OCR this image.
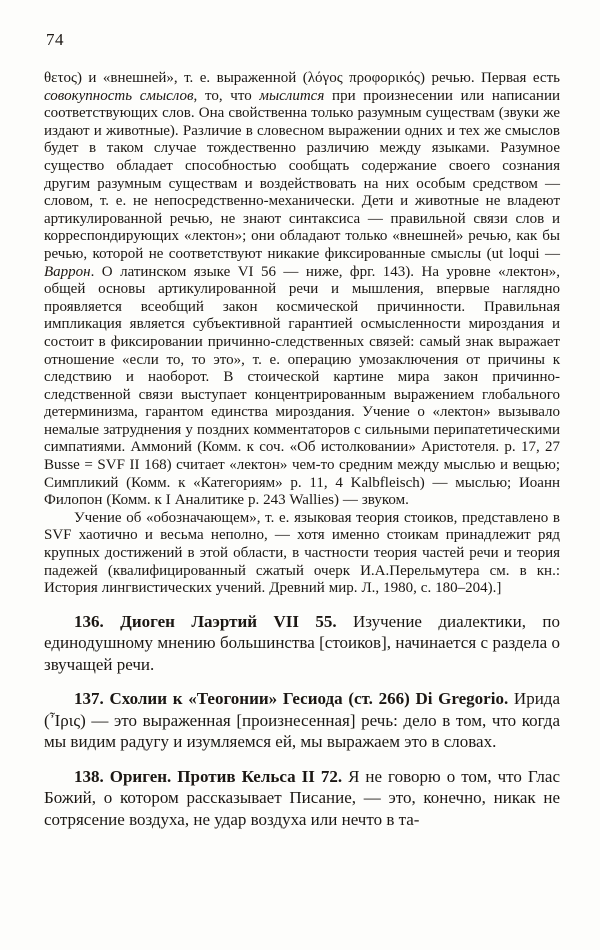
74

θετος) и «внешней», т. е. выраженной (λόγος προφορικός) речью. Первая есть совокупность смыслов, то, что мыслится при произнесении или написании соответствующих слов. Она свойственна только разумным существам (звуки же издают и животные). Различие в словесном выражении одних и тех же смыслов будет в таком случае тождественно различию между языками. Разумное существо обладает способностью сообщать содержание своего сознания другим разумным существам и воздействовать на них особым средством — словом, т. е. не непосредственно-механически. Дети и животные не владеют артикулированной речью, не знают синтаксиса — правильной связи слов и корреспондирующих «лектон»; они обладают только «внешней» речью, как бы речью, которой не соответствуют никакие фиксированные смыслы (ut loqui — Варрон. О латинском языке VI 56 — ниже, фрг. 143). На уровне «лектон», общей основы артикулированной речи и мышления, впервые наглядно проявляется всеобщий закон космической причинности. Правильная импликация является субъективной гарантией осмысленности мироздания и состоит в фиксировании причинно-следственных связей: самый знак выражает отношение «если то, то это», т. е. операцию умозаключения от причины к следствию и наоборот. В стоической картине мира закон причинно-следственной связи выступает концентрированным выражением глобального детерминизма, гарантом единства мироздания. Учение о «лектон» вызывало немалые затруднения у поздних комментаторов с сильными перипатетическими симпатиями. Аммоний (Комм. к соч. «Об истолковании» Аристотеля. p. 17, 27 Busse = SVF II 168) считает «лектон» чем-то средним между мыслью и вещью; Симпликий (Комм. к «Категориям» p. 11, 4 Kalbfleisch) — мыслью; Иоанн Филопон (Комм. к I Аналитике p. 243 Wallies) — звуком.

Учение об «обозначающем», т. е. языковая теория стоиков, представлено в SVF хаотично и весьма неполно, — хотя именно стоикам принадлежит ряд крупных достижений в этой области, в частности теория частей речи и теория падежей (квалифицированный сжатый очерк И.А.Перельмутера см. в кн.: История лингвистических учений. Древний мир. Л., 1980, с. 180–204).]

136. Диоген Лаэртий VII 55. Изучение диалектики, по единодушному мнению большинства [стоиков], начинается с раздела о звучащей речи.

137. Схолии к «Теогонии» Гесиода (ст. 266) Di Gregorio. Ирида (Ἶρις) — это выраженная [произнесенная] речь: дело в том, что когда мы видим радугу и изумляемся ей, мы выражаем это в словах.

138. Ориген. Против Кельса II 72. Я не говорю о том, что Глас Божий, о котором рассказывает Писание, — это, конечно, никак не сотрясение воздуха, не удар воздуха или нечто в та-
